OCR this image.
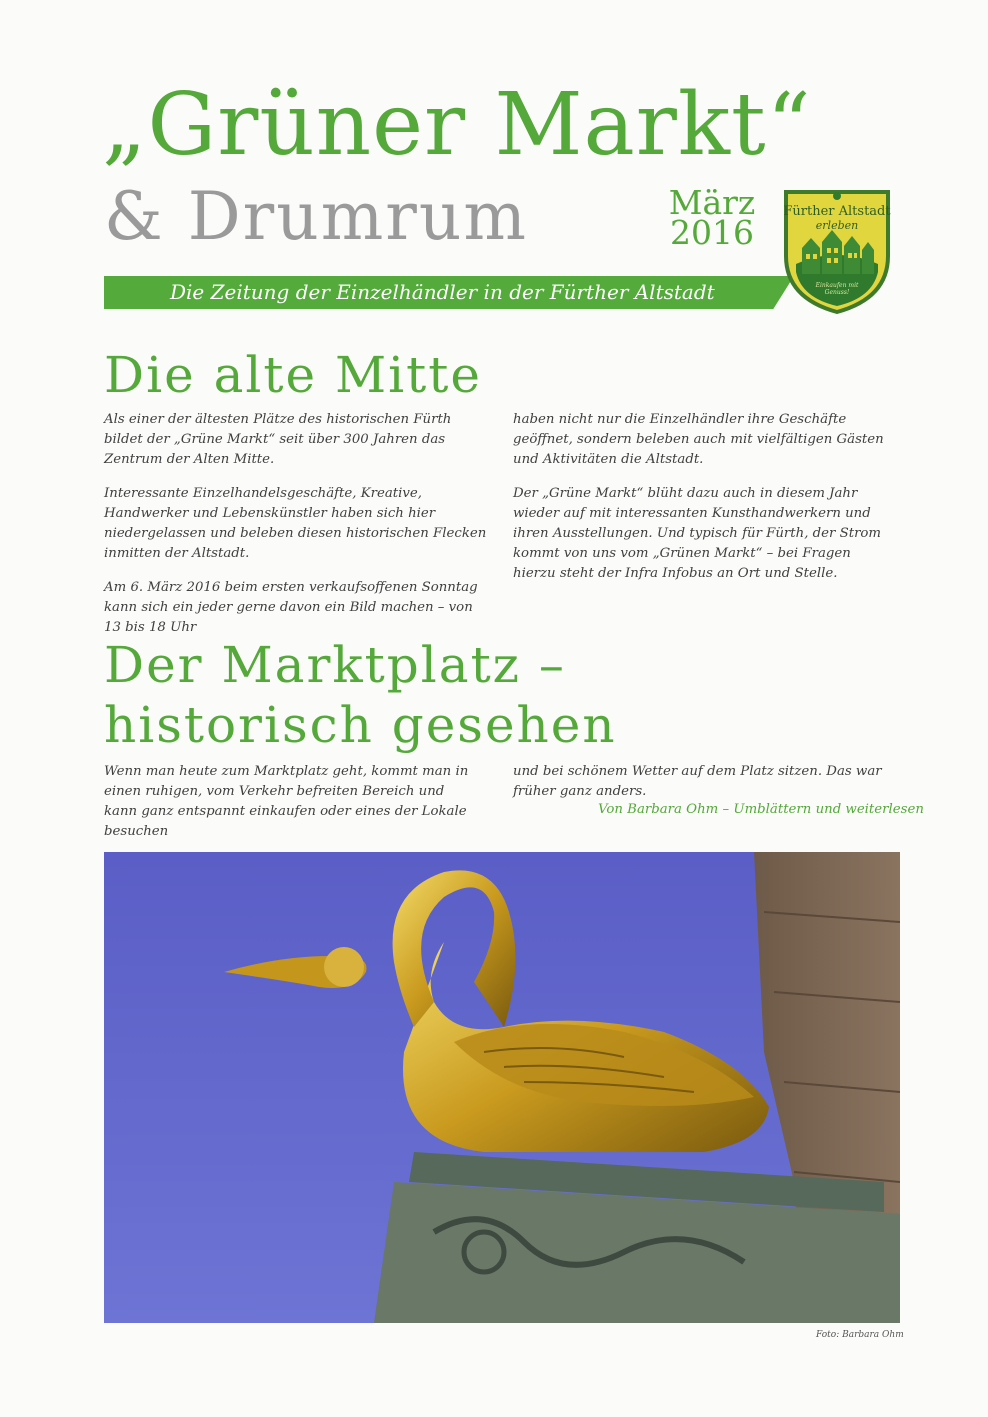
„Grüner Markt“
& Drumrum	März
2016
Die Zeitung der Einzelhändler in der Fürther Altstadt
Fürther Altstadt
erleben
Einkaufen mit Genuss!
Die alte Mitte

Als einer der ältesten Plätze des historischen Fürth bildet der „Grüne Markt“ seit über 300 Jahren das Zentrum der Alten Mitte.

Interessante Einzelhandelsgeschäfte, Kreative, Handwerker und Lebenskünstler haben sich hier niedergelassen und beleben diesen historischen Flecken inmitten der Altstadt.

Am 6. März 2016 beim ersten verkaufsoffenen Sonntag kann sich ein jeder gerne davon ein Bild machen – von 13 bis 18 Uhr

haben nicht nur die Einzelhändler ihre Geschäfte geöffnet, sondern beleben auch mit vielfältigen Gästen und Aktivitäten die Altstadt.

Der „Grüne Markt“ blüht dazu auch in diesem Jahr wieder auf mit interessanten Kunsthandwerkern und ihren Ausstellungen. Und typisch für Fürth, der Strom kommt von uns vom „Grünen Markt“ – bei Fragen hierzu steht der Infra Infobus an Ort und Stelle.

Der Marktplatz –
historisch gesehen

Wenn man heute zum Marktplatz geht, kommt man in einen ruhigen, vom Verkehr befreiten Bereich und kann ganz entspannt einkaufen oder eines der Lokale besuchen

und bei schönem Wetter auf dem Platz sitzen. Das war früher ganz anders.

Von Barbara Ohm – Umblättern und weiterlesen
Foto: Barbara Ohm
